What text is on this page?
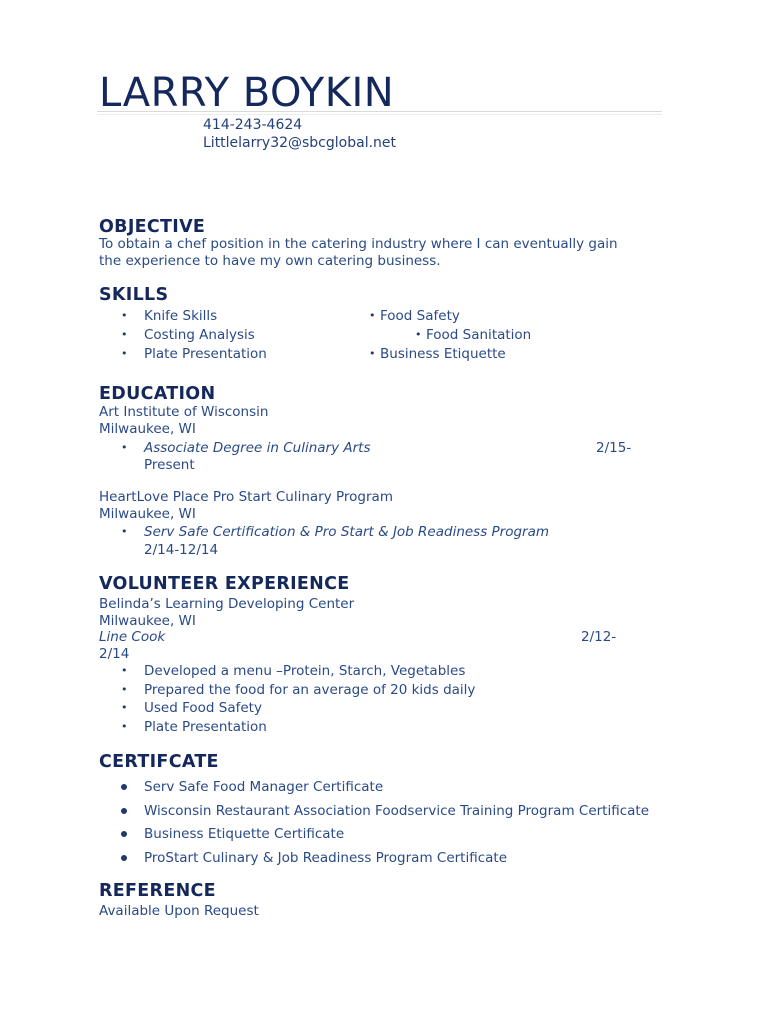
LARRY BOYKIN
414-243-4624
Littlelarry32@sbcglobal.net
OBJECTIVE
To obtain a chef position in the catering industry where I can eventually gain
the experience to have my own catering business.
SKILLS
• Knife Skills
• Costing Analysis
• Plate Presentation
• Food Safety
• Food Sanitation
• Business Etiquette
EDUCATION
Art Institute of Wisconsin
Milwaukee, WI
• Associate Degree in Culinary Arts	2/15-
Present
HeartLove Place Pro Start Culinary Program
Milwaukee, WI
• Serv Safe Certification & Pro Start & Job Readiness Program
2/14-12/14
VOLUNTEER EXPERIENCE
Belinda’s Learning Developing Center
Milwaukee, WI
Line Cook	2/12-
2/14
• Developed a menu –Protein, Starch, Vegetables
• Prepared the food for an average of 20 kids daily
• Used Food Safety
• Plate Presentation
CERTIFCATE
Serv Safe Food Manager Certificate
Wisconsin Restaurant Association Foodservice Training Program Certificate
Business Etiquette Certificate
ProStart Culinary & Job Readiness Program Certificate
REFERENCE
Available Upon Request
